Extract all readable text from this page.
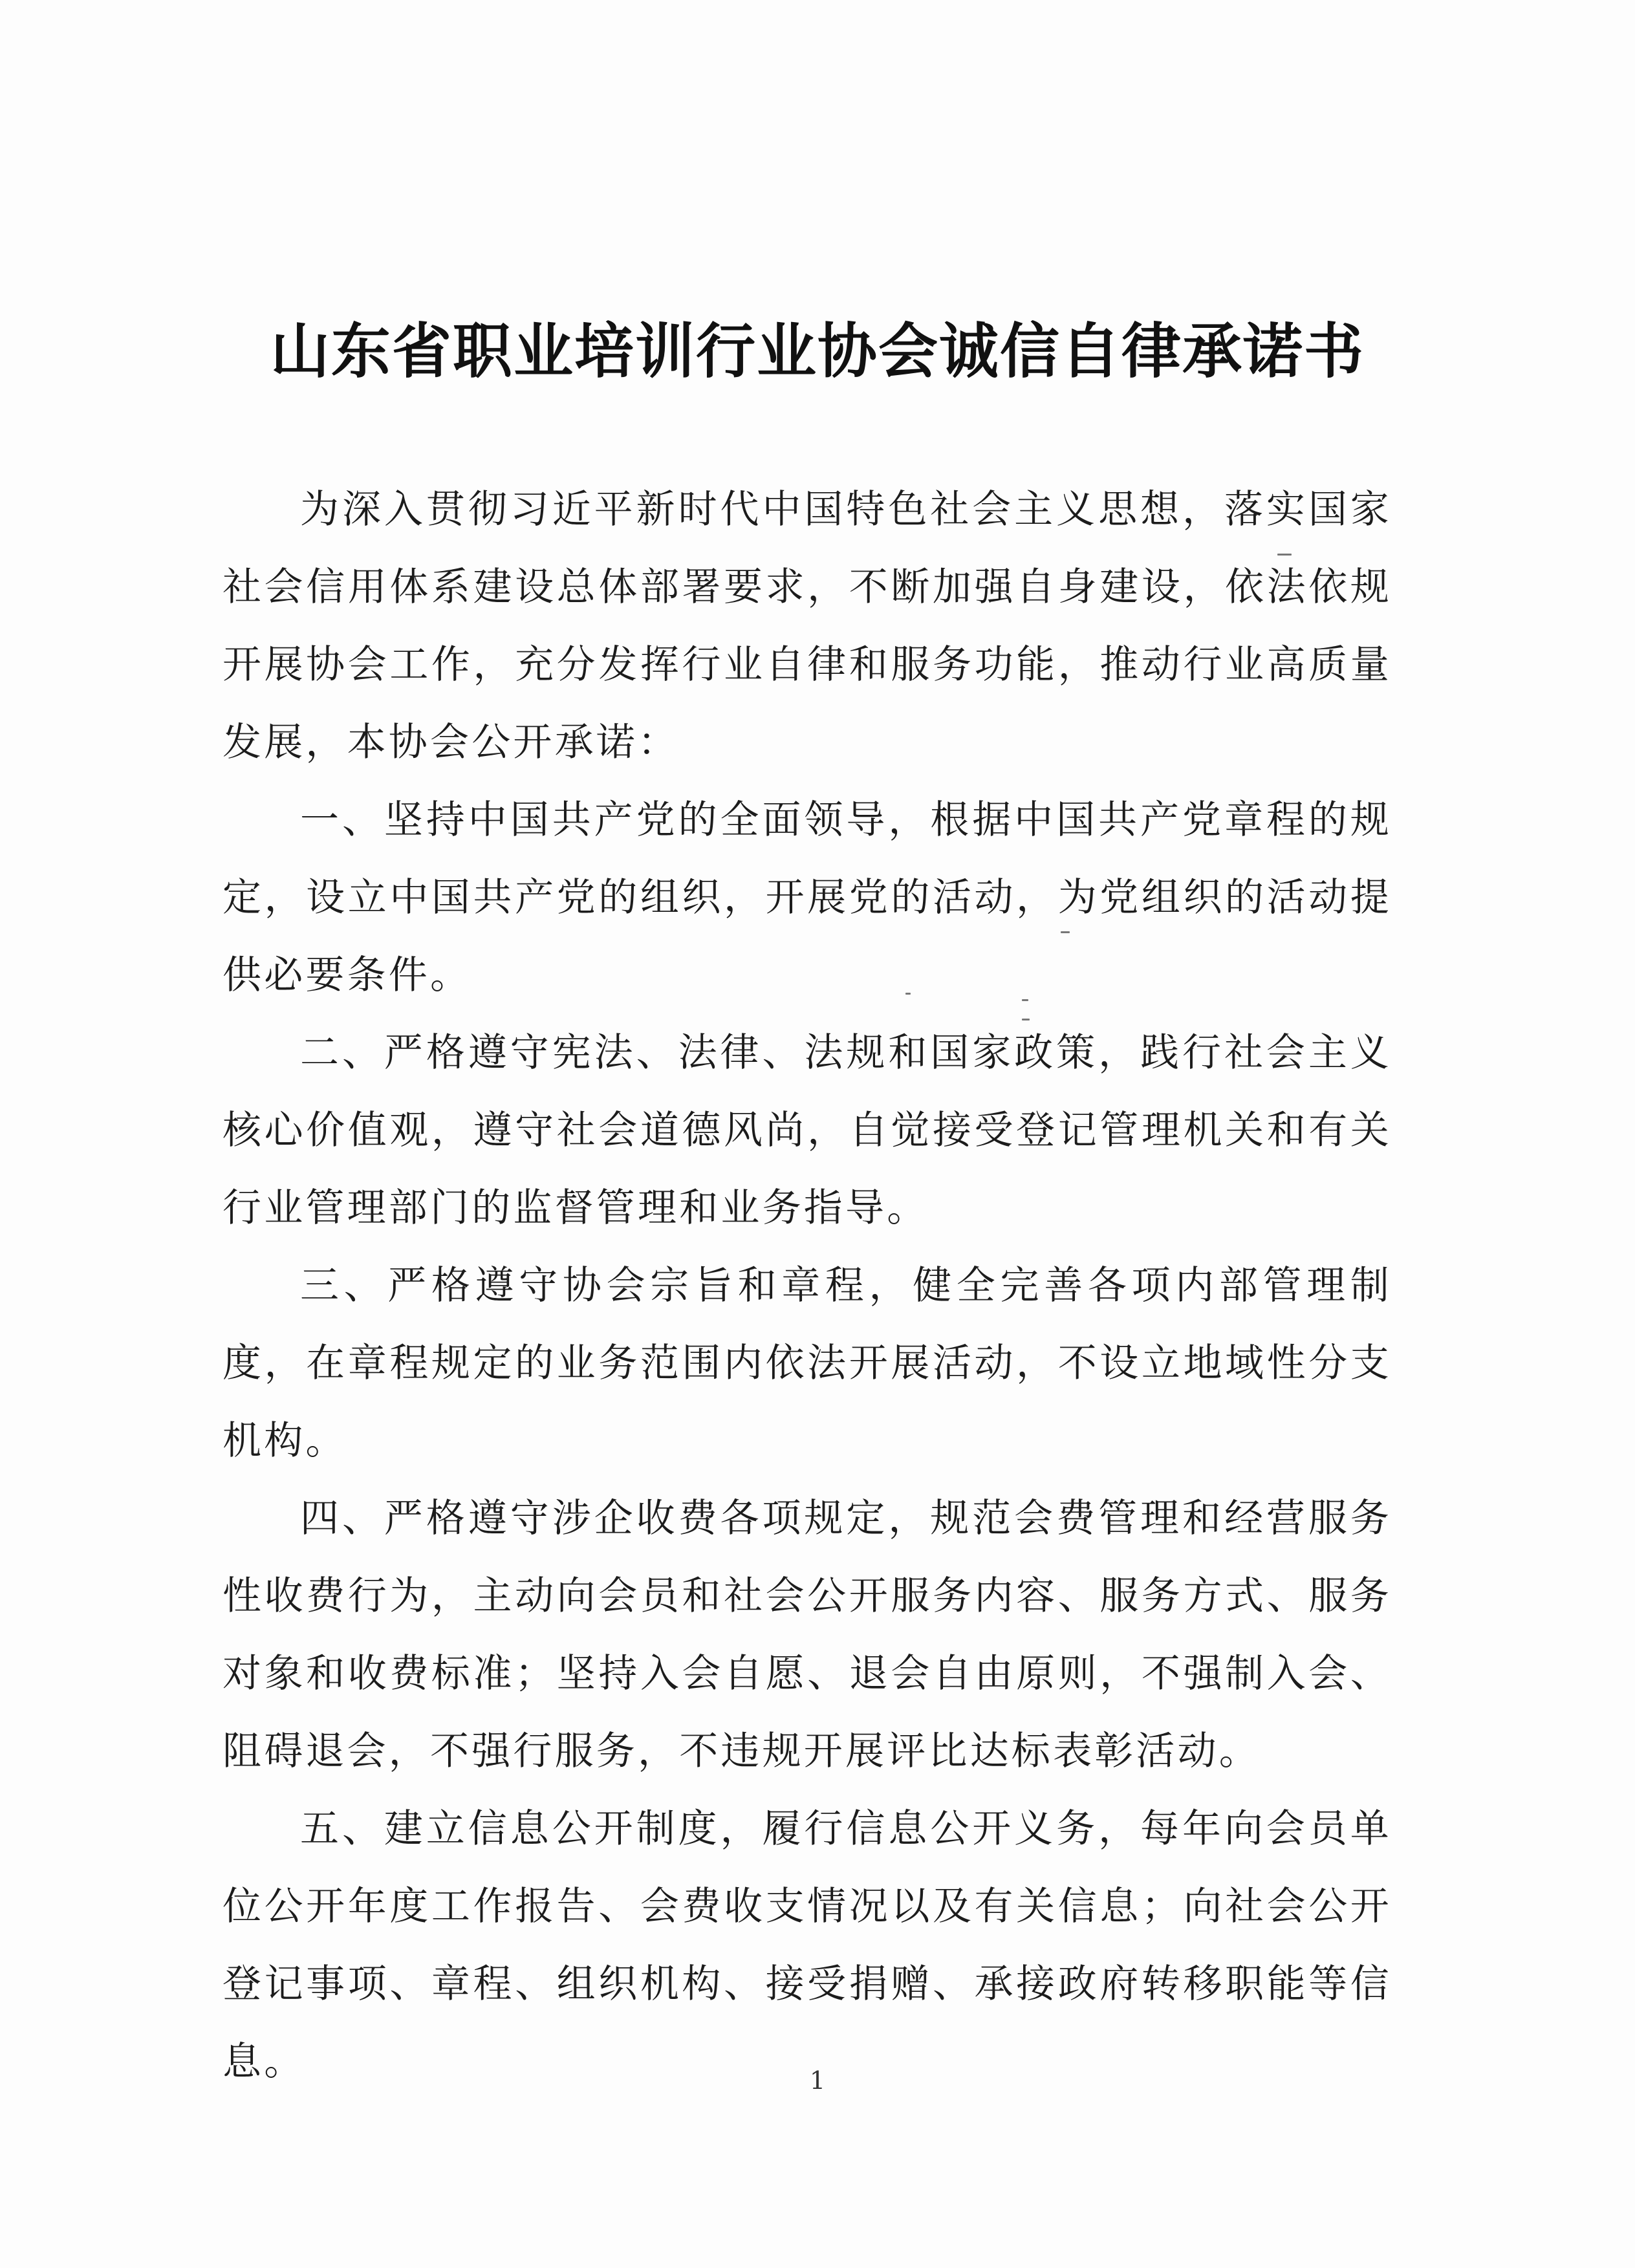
山东省职业培训行业协会诚信自律承诺书

为深入贯彻习近平新时代中国特色社会主义思想，落实国家社会信用体系建设总体部署要求，不断加强自身建设，依法依规开展协会工作，充分发挥行业自律和服务功能，推动行业高质量发展，本协会公开承诺：

一、坚持中国共产党的全面领导，根据中国共产党章程的规定，设立中国共产党的组织，开展党的活动，为党组织的活动提供必要条件。

二、严格遵守宪法、法律、法规和国家政策，践行社会主义核心价值观，遵守社会道德风尚，自觉接受登记管理机关和有关行业管理部门的监督管理和业务指导。

三、严格遵守协会宗旨和章程，健全完善各项内部管理制度，在章程规定的业务范围内依法开展活动，不设立地域性分支机构。

四、严格遵守涉企收费各项规定，规范会费管理和经营服务性收费行为，主动向会员和社会公开服务内容、服务方式、服务对象和收费标准；坚持入会自愿、退会自由原则，不强制入会、阻碍退会，不强行服务，不违规开展评比达标表彰活动。

五、建立信息公开制度，履行信息公开义务，每年向会员单位公开年度工作报告、会费收支情况以及有关信息；向社会公开登记事项、章程、组织机构、接受捐赠、承接政府转移职能等信息。	1
